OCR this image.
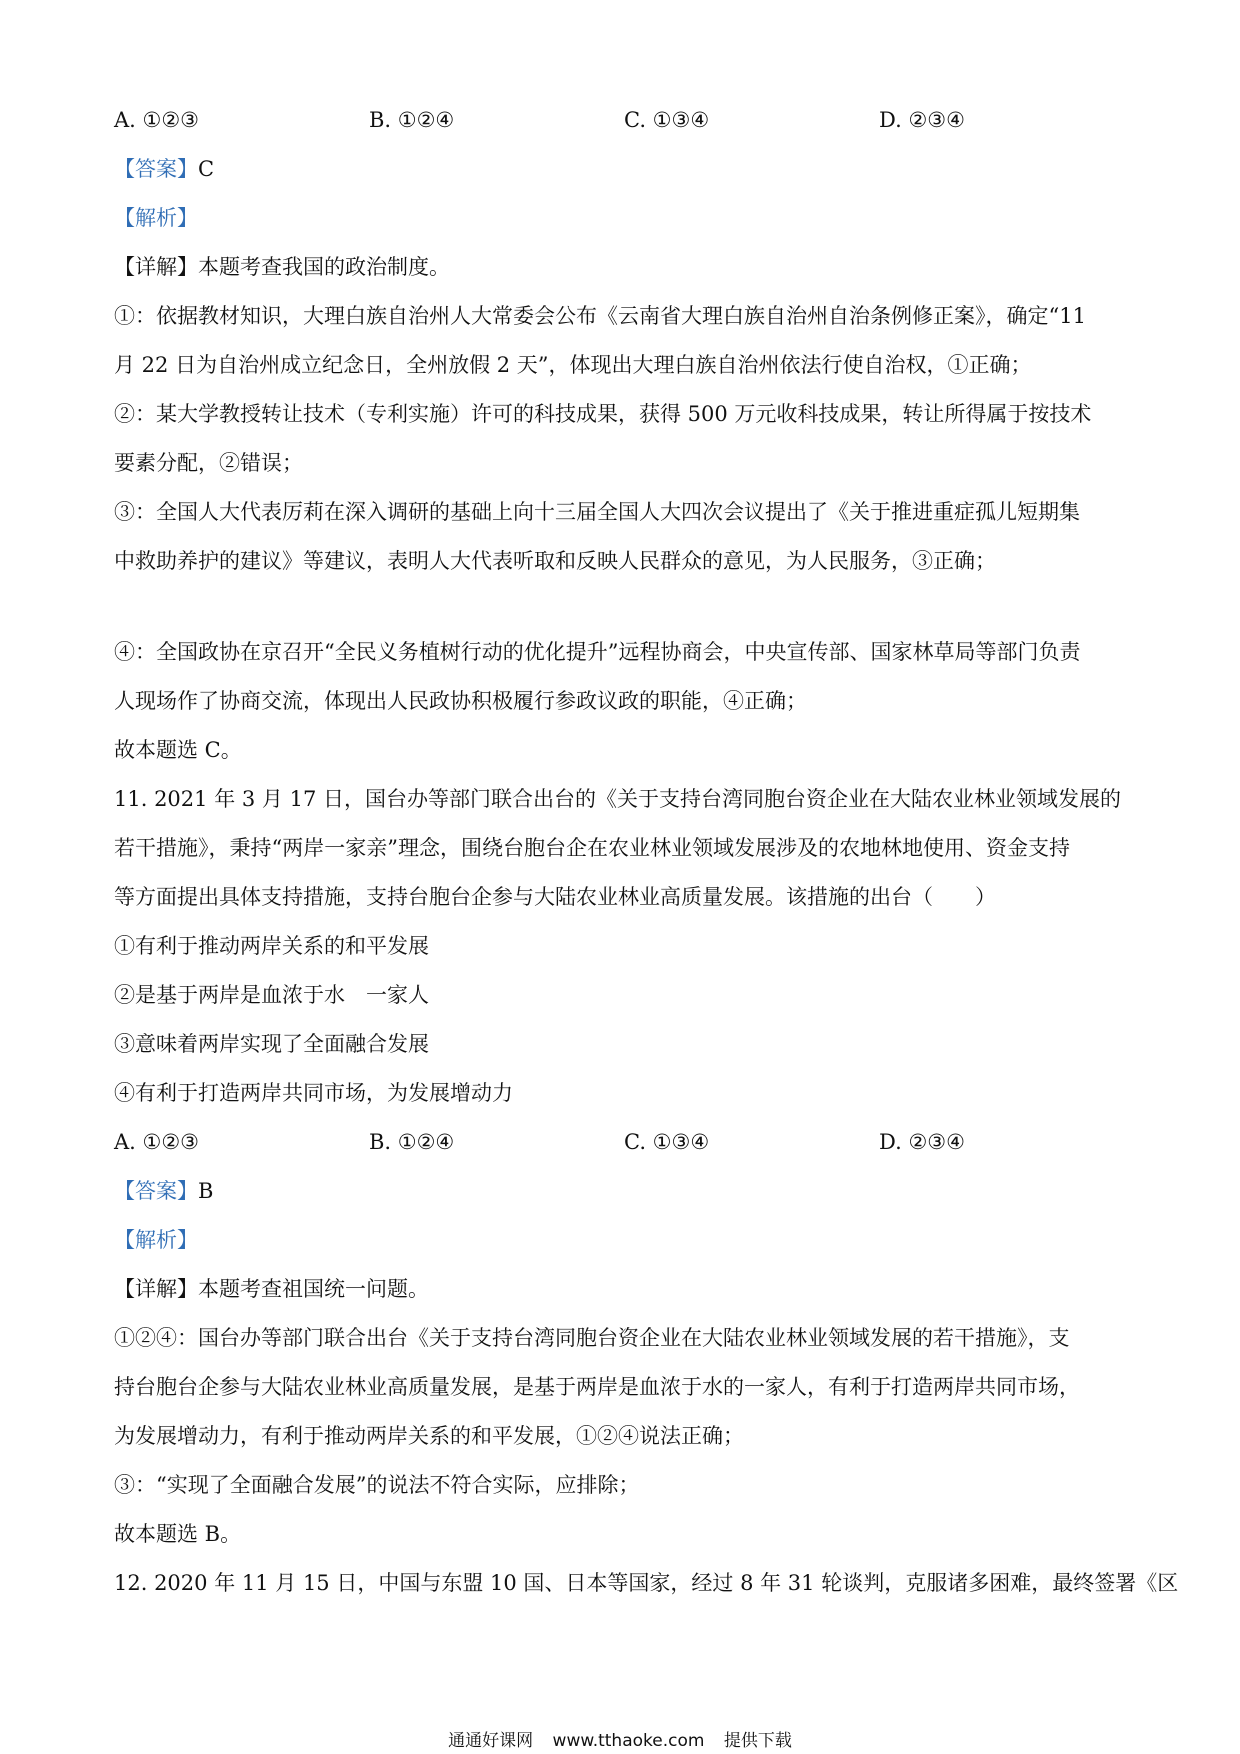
A. ①②③	B. ①②④	C. ①③④	D. ②③④
【答案】C
【解析】
【详解】本题考查我国的政治制度。
①：依据教材知识，大理白族自治州人大常委会公布《云南省大理白族自治州自治条例修正案》，确定“11
月 22 日为自治州成立纪念日，全州放假 2 天”，体现出大理白族自治州依法行使自治权，①正确；
②：某大学教授转让技术（专利实施）许可的科技成果，获得 500 万元收科技成果，转让所得属于按技术
要素分配，②错误；
③：全国人大代表厉莉在深入调研的基础上向十三届全国人大四次会议提出了《关于推进重症孤儿短期集
中救助养护的建议》等建议，表明人大代表听取和反映人民群众的意见，为人民服务，③正确；
④：全国政协在京召开“全民义务植树行动的优化提升”远程协商会，中央宣传部、国家林草局等部门负责
人现场作了协商交流，体现出人民政协积极履行参政议政的职能，④正确；
故本题选 C。
11. 2021 年 3 月 17 日，国台办等部门联合出台的《关于支持台湾同胞台资企业在大陆农业林业领域发展的
若干措施》，秉持“两岸一家亲”理念，围绕台胞台企在农业林业领域发展涉及的农地林地使用、资金支持
等方面提出具体支持措施，支持台胞台企参与大陆农业林业高质量发展。该措施的出台（　　）
①有利于推动两岸关系的和平发展
②是基于两岸是血浓于水　一家人
③意味着两岸实现了全面融合发展
④有利于打造两岸共同市场，为发展增动力
A. ①②③	B. ①②④	C. ①③④	D. ②③④
【答案】B
【解析】
【详解】本题考查祖国统一问题。
①②④：国台办等部门联合出台《关于支持台湾同胞台资企业在大陆农业林业领域发展的若干措施》，支
持台胞台企参与大陆农业林业高质量发展，是基于两岸是血浓于水的一家人，有利于打造两岸共同市场，
为发展增动力，有利于推动两岸关系的和平发展，①②④说法正确；
③：“实现了全面融合发展”的说法不符合实际，应排除；
故本题选 B。
12. 2020 年 11 月 15 日，中国与东盟 10 国、日本等国家，经过 8 年 31 轮谈判，克服诸多困难，最终签署《区
通通好课网 www.tthaoke.com 提供下载
